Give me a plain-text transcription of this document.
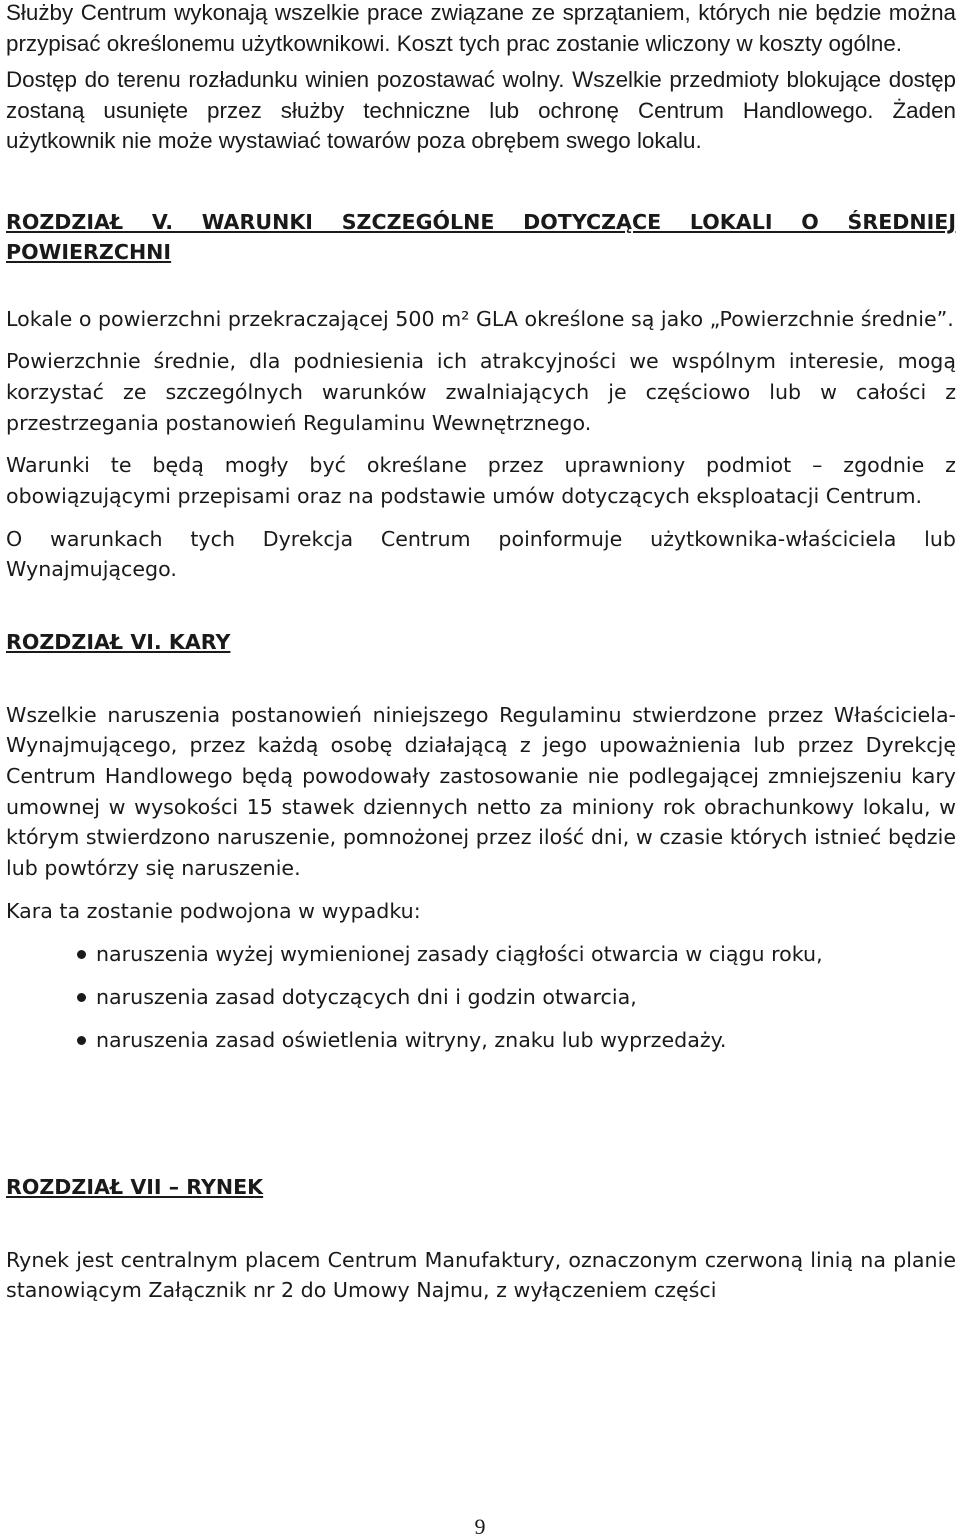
Służby Centrum wykonają wszelkie prace związane ze sprzątaniem, których nie będzie można przypisać określonemu użytkownikowi. Koszt tych prac zostanie wliczony w koszty ogólne.

Dostęp do terenu rozładunku winien pozostawać wolny. Wszelkie przedmioty blokujące dostęp zostaną usunięte przez służby techniczne lub ochronę Centrum Handlowego. Żaden użytkownik nie może wystawiać towarów poza obrębem swego lokalu.

ROZDZIAŁ V. WARUNKI SZCZEGÓLNE DOTYCZĄCE LOKALI O ŚREDNIEJ POWIERZCHNI

Lokale o powierzchni przekraczającej 500 m² GLA określone są jako „Powierzchnie średnie”.

Powierzchnie średnie, dla podniesienia ich atrakcyjności we wspólnym interesie, mogą korzystać ze szczególnych warunków zwalniających je częściowo lub w całości z przestrzegania postanowień Regulaminu Wewnętrznego.

Warunki te będą mogły być określane przez uprawniony podmiot – zgodnie z obowiązującymi przepisami oraz na podstawie umów dotyczących eksploatacji Centrum.

O warunkach tych Dyrekcja Centrum poinformuje użytkownika-właściciela lub Wynajmującego.

ROZDZIAŁ VI. KARY

Wszelkie naruszenia postanowień niniejszego Regulaminu stwierdzone przez Właściciela-Wynajmującego, przez każdą osobę działającą z jego upoważnienia lub przez Dyrekcję Centrum Handlowego będą powodowały zastosowanie nie podlegającej zmniejszeniu kary umownej w wysokości 15 stawek dziennych netto za miniony rok obrachunkowy lokalu, w którym stwierdzono naruszenie, pomnożonej przez ilość dni, w czasie których istnieć będzie lub powtórzy się naruszenie.

Kara ta zostanie podwojona w wypadku:

naruszenia wyżej wymienionej zasady ciągłości otwarcia w ciągu roku,
naruszenia zasad dotyczących dni i godzin otwarcia,
naruszenia zasad oświetlenia witryny, znaku lub wyprzedaży.

ROZDZIAŁ VII – RYNEK

Rynek jest centralnym placem Centrum Manufaktury, oznaczonym czerwoną linią na planie stanowiącym Załącznik nr 2 do Umowy Najmu, z wyłączeniem części

9
